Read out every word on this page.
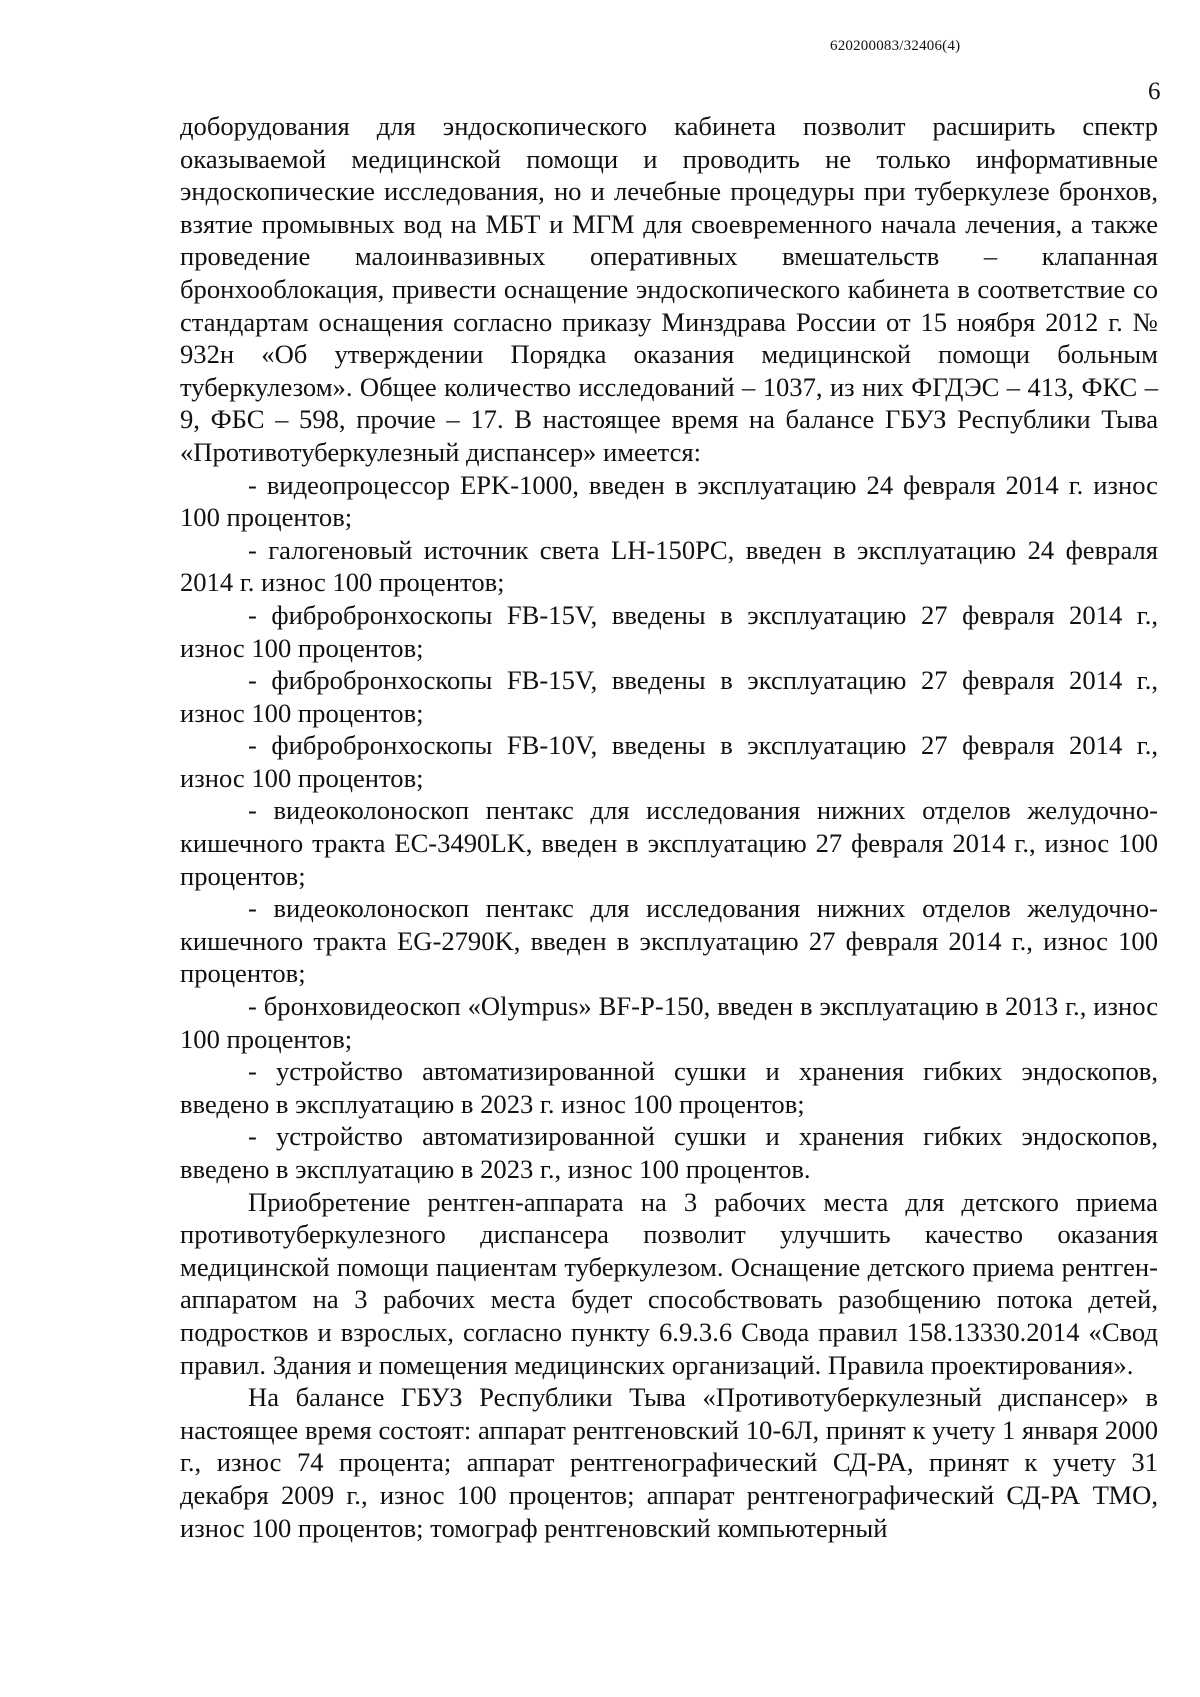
620200083/32406(4)
6

доборудования для эндоскопического кабинета позволит расширить спектр оказываемой медицинской помощи и проводить не только информативные эндоскопические исследования, но и лечебные процедуры при туберкулезе бронхов, взятие промывных вод на МБТ и МГМ для своевременного начала лечения, а также проведение малоинвазивных оперативных вмешательств – клапанная бронхооблокация, привести оснащение эндоскопического кабинета в соответствие со стандартам оснащения согласно приказу Минздрава России от 15 ноября 2012 г. № 932н «Об утверждении Порядка оказания медицинской помощи больным туберкулезом». Общее количество исследований – 1037, из них ФГДЭС – 413, ФКС – 9, ФБС – 598, прочие – 17. В настоящее время на балансе ГБУЗ Республики Тыва «Противотуберкулезный диспансер» имеется:

- видеопроцессор EPK-1000, введен в эксплуатацию 24 февраля 2014 г. износ 100 процентов;
- галогеновый источник света LH-150PC, введен в эксплуатацию 24 февраля 2014 г. износ 100 процентов;
- фибробронхоскопы FB-15V, введены в эксплуатацию 27 февраля 2014 г., износ 100 процентов;
- фибробронхоскопы FB-15V, введены в эксплуатацию 27 февраля 2014 г., износ 100 процентов;
- фибробронхоскопы FB-10V, введены в эксплуатацию 27 февраля 2014 г., износ 100 процентов;
- видеоколоноскоп пентакс для исследования нижних отделов желудочно-кишечного тракта EC-3490LK, введен в эксплуатацию 27 февраля 2014 г., износ 100 процентов;
- видеоколоноскоп пентакс для исследования нижних отделов желудочно-кишечного тракта EG-2790K, введен в эксплуатацию 27 февраля 2014 г., износ 100 процентов;
- бронховидеоскоп «Olympus» BF-P-150, введен в эксплуатацию в 2013 г., износ 100 процентов;
- устройство автоматизированной сушки и хранения гибких эндоскопов, введено в эксплуатацию в 2023 г. износ 100 процентов;
- устройство автоматизированной сушки и хранения гибких эндоскопов, введено в эксплуатацию в 2023 г., износ 100 процентов.

Приобретение рентген-аппарата на 3 рабочих места для детского приема противотуберкулезного диспансера позволит улучшить качество оказания медицинской помощи пациентам туберкулезом. Оснащение детского приема рентген-аппаратом на 3 рабочих места будет способствовать разобщению потока детей, подростков и взрослых, согласно пункту 6.9.3.6 Свода правил 158.13330.2014 «Свод правил. Здания и помещения медицинских организаций. Правила проектирования».

На балансе ГБУЗ Республики Тыва «Противотуберкулезный диспансер» в настоящее время состоят: аппарат рентгеновский 10-6Л, принят к учету 1 января 2000 г., износ 74 процента; аппарат рентгенографический СД-РА, принят к учету 31 декабря 2009 г., износ 100 процентов; аппарат рентгенографический СД-РА ТМО, износ 100 процентов; томограф рентгеновский компьютерный
